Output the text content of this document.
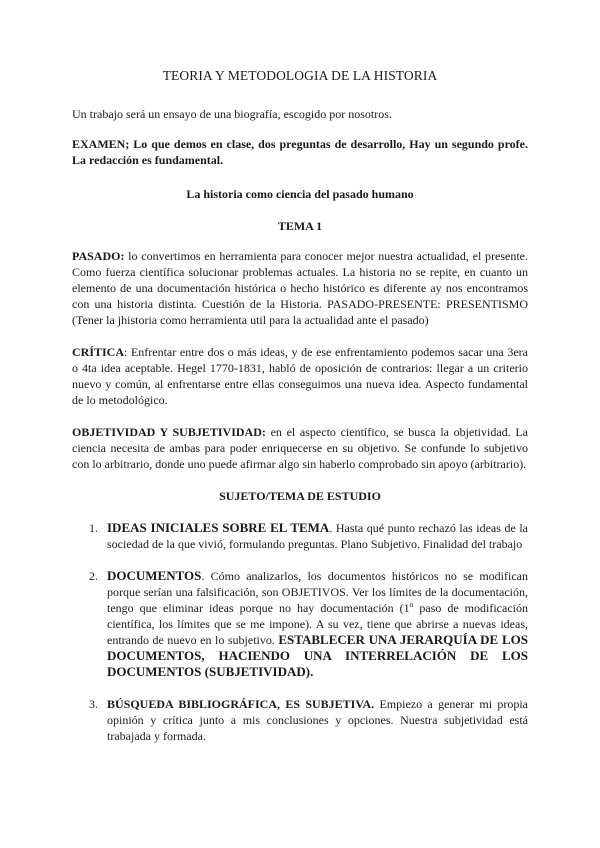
TEORIA Y METODOLOGIA DE LA HISTORIA

Un trabajo será un ensayo de una biografía, escogido por nosotros.

EXAMEN; Lo que demos en clase, dos preguntas de desarrollo, Hay un segundo profe. La redacción es fundamental.

La historia como ciencia del pasado humano

TEMA 1

PASADO: lo convertimos en herramienta para conocer mejor nuestra actualidad, el presente. Como fuerza científica solucionar problemas actuales. La historia no se repite, en cuanto un elemento de una documentación histórica o hecho histórico es diferente ay nos encontramos con una historia distinta. Cuestión de la Historia. PASADO-PRESENTE: PRESENTISMO (Tener la jhistoria como herramienta util para la actualidad ante el pasado)

CRÍTICA: Enfrentar entre dos o más ideas, y de ese enfrentamiento podemos sacar una 3era o 4ta idea aceptable. Hegel 1770-1831, habló de oposición de contrarios: llegar a un criterio nuevo y común, al enfrentarse entre ellas conseguimos una nueva idea. Aspecto fundamental de lo metodológico.

OBJETIVIDAD Y SUBJETIVIDAD: en el aspecto científico, se busca la objetividad. La ciencia necesita de ambas para poder enriquecerse en su objetivo. Se confunde lo subjetivo con lo arbitrario, donde uno puede afirmar algo sin haberlo comprobado sin apoyo (arbitrario).

SUJETO/TEMA DE ESTUDIO

1. IDEAS INICIALES SOBRE EL TEMA. Hasta qué punto rechazó las ideas de la sociedad de la que vivió, formulando preguntas. Plano Subjetivo. Finalidad del trabajo
2. DOCUMENTOS. Cómo analizarlos, los documentos históricos no se modifican porque serían una falsificación, son OBJETIVOS. Ver los límites de la documentación, tengo que eliminar ideas porque no hay documentación (1º paso de modificación científica, los límites que se me impone). A su vez, tiene que abrirse a nuevas ideas, entrando de nuevo en lo subjetivo. ESTABLECER UNA JERARQUÍA DE LOS DOCUMENTOS, HACIENDO UNA INTERRELACIÓN DE LOS DOCUMENTOS (SUBJETIVIDAD).
3. BÚSQUEDA BIBLIOGRÁFICA, ES SUBJETIVA. Empiezo a generar mi propia opinión y crítica junto a mis conclusiones y opciones. Nuestra subjetividad está trabajada y formada.
